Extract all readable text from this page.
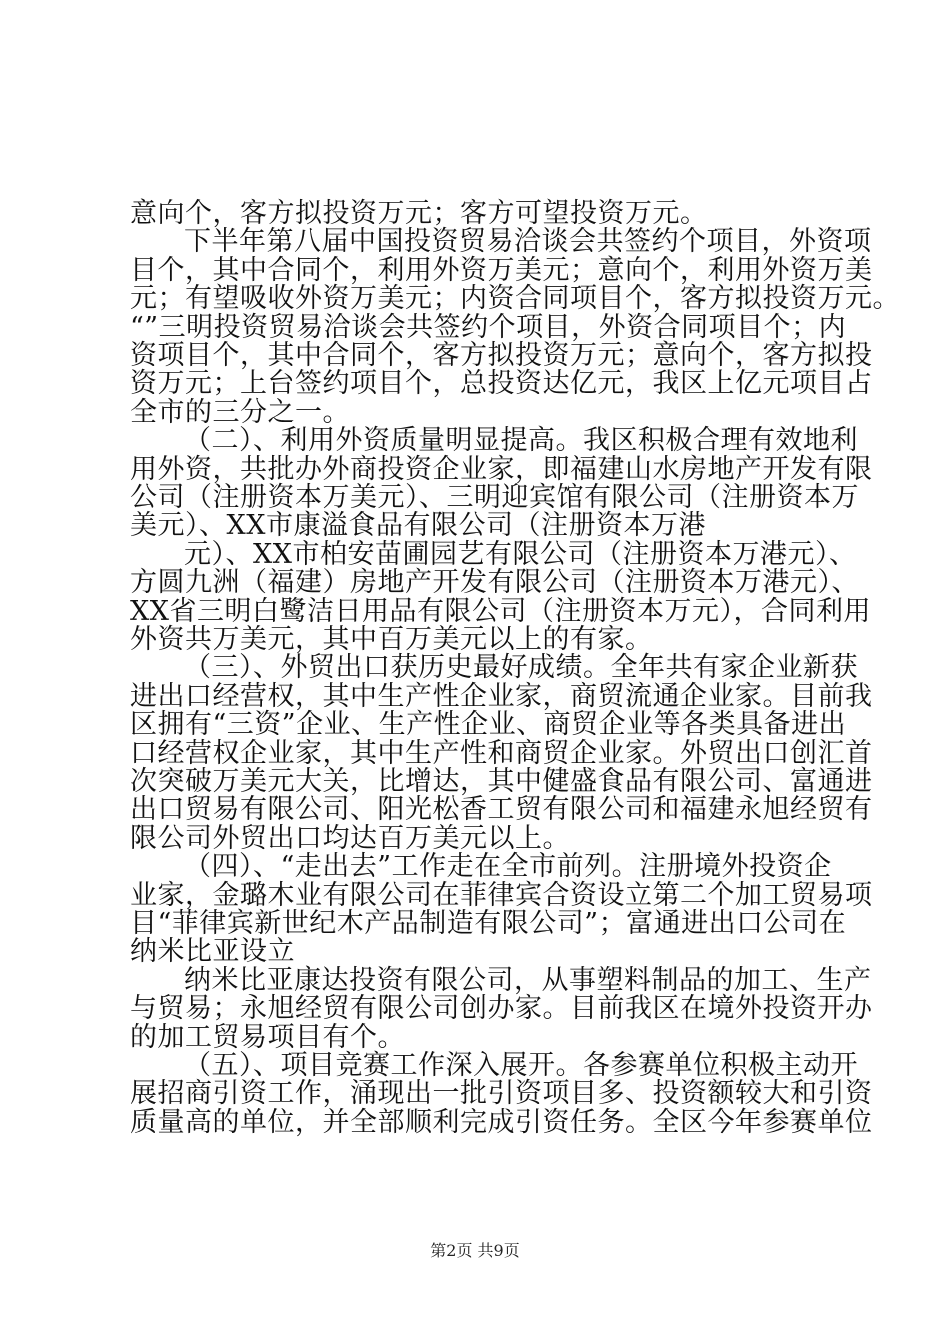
意向个，客方拟投资万元；客方可望投资万元。

下半年第八届中国投资贸易洽谈会共签约个项目，外资项

目个，其中合同个，利用外资万美元；意向个，利用外资万美

元；有望吸收外资万美元；内资合同项目个，客方拟投资万元。

“”三明投资贸易洽谈会共签约个项目，外资合同项目个；内

资项目个，其中合同个，客方拟投资万元；意向个，客方拟投

资万元；上台签约项目个，总投资达亿元，我区上亿元项目占

全市的三分之一。

（二）、利用外资质量明显提高。我区积极合理有效地利

用外资，共批办外商投资企业家，即福建山水房地产开发有限

公司（注册资本万美元）、三明迎宾馆有限公司（注册资本万

美元）、XX市康溢食品有限公司（注册资本万港

元）、XX市柏安苗圃园艺有限公司（注册资本万港元）、

方圆九洲（福建）房地产开发有限公司（注册资本万港元）、

XX省三明白鹭洁日用品有限公司（注册资本万元），合同利用

外资共万美元，其中百万美元以上的有家。

（三）、外贸出口获历史最好成绩。全年共有家企业新获

进出口经营权，其中生产性企业家，商贸流通企业家。目前我

区拥有“三资”企业、生产性企业、商贸企业等各类具备进出

口经营权企业家，其中生产性和商贸企业家。外贸出口创汇首

次突破万美元大关，比增达，其中健盛食品有限公司、富通进

出口贸易有限公司、阳光松香工贸有限公司和福建永旭经贸有

限公司外贸出口均达百万美元以上。

（四）、“走出去”工作走在全市前列。注册境外投资企

业家，金璐木业有限公司在菲律宾合资设立第二个加工贸易项

目“菲律宾新世纪木产品制造有限公司”；富通进出口公司在

纳米比亚设立

纳米比亚康达投资有限公司，从事塑料制品的加工、生产

与贸易；永旭经贸有限公司创办家。目前我区在境外投资开办

的加工贸易项目有个。

（五）、项目竞赛工作深入展开。各参赛单位积极主动开

展招商引资工作，涌现出一批引资项目多、投资额较大和引资

质量高的单位，并全部顺利完成引资任务。全区今年参赛单位

第2页 共9页
